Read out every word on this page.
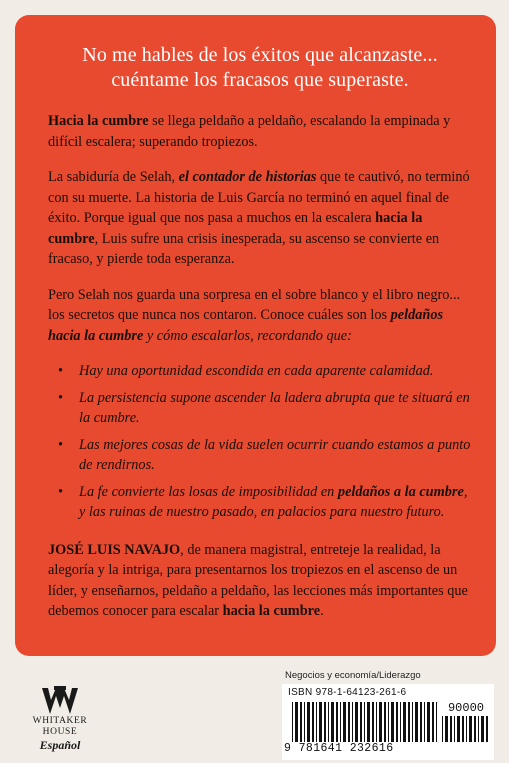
No me hables de los éxitos que alcanzaste...
cuéntame los fracasos que superaste.

Hacia la cumbre se llega peldaño a peldaño, escalando la empinada y difícil escalera; superando tropiezos.

La sabiduría de Selah, el contador de historias que te cautivó, no terminó con su muerte. La historia de Luis García no terminó en aquel final de éxito. Porque igual que nos pasa a muchos en la escalera hacia la cumbre, Luis sufre una crisis inesperada, su ascenso se convierte en fracaso, y pierde toda esperanza.

Pero Selah nos guarda una sorpresa en el sobre blanco y el libro negro... los secretos que nunca nos contaron. Conoce cuáles son los peldaños hacia la cumbre y cómo escalarlos, recordando que:

• Hay una oportunidad escondida en cada aparente calamidad.
• La persistencia supone ascender la ladera abrupta que te situará en la cumbre.
• Las mejores cosas de la vida suelen ocurrir cuando estamos a punto de rendirnos.
• La fe convierte las losas de imposibilidad en peldaños a la cumbre, y las ruinas de nuestro pasado, en palacios para nuestro futuro.

JOSÉ LUIS NAVAJO, de manera magistral, entreteje la realidad, la alegoría y la intriga, para presentarnos los tropiezos en el ascenso de un líder, y enseñarnos, peldaño a peldaño, las lecciones más importantes que debemos conocer para escalar hacia la cumbre.

WHITAKER
HOUSE
Español
Negocios y economía/Liderazgo
ISBN 978-1-64123-261-6
90000
9 781641 232616
